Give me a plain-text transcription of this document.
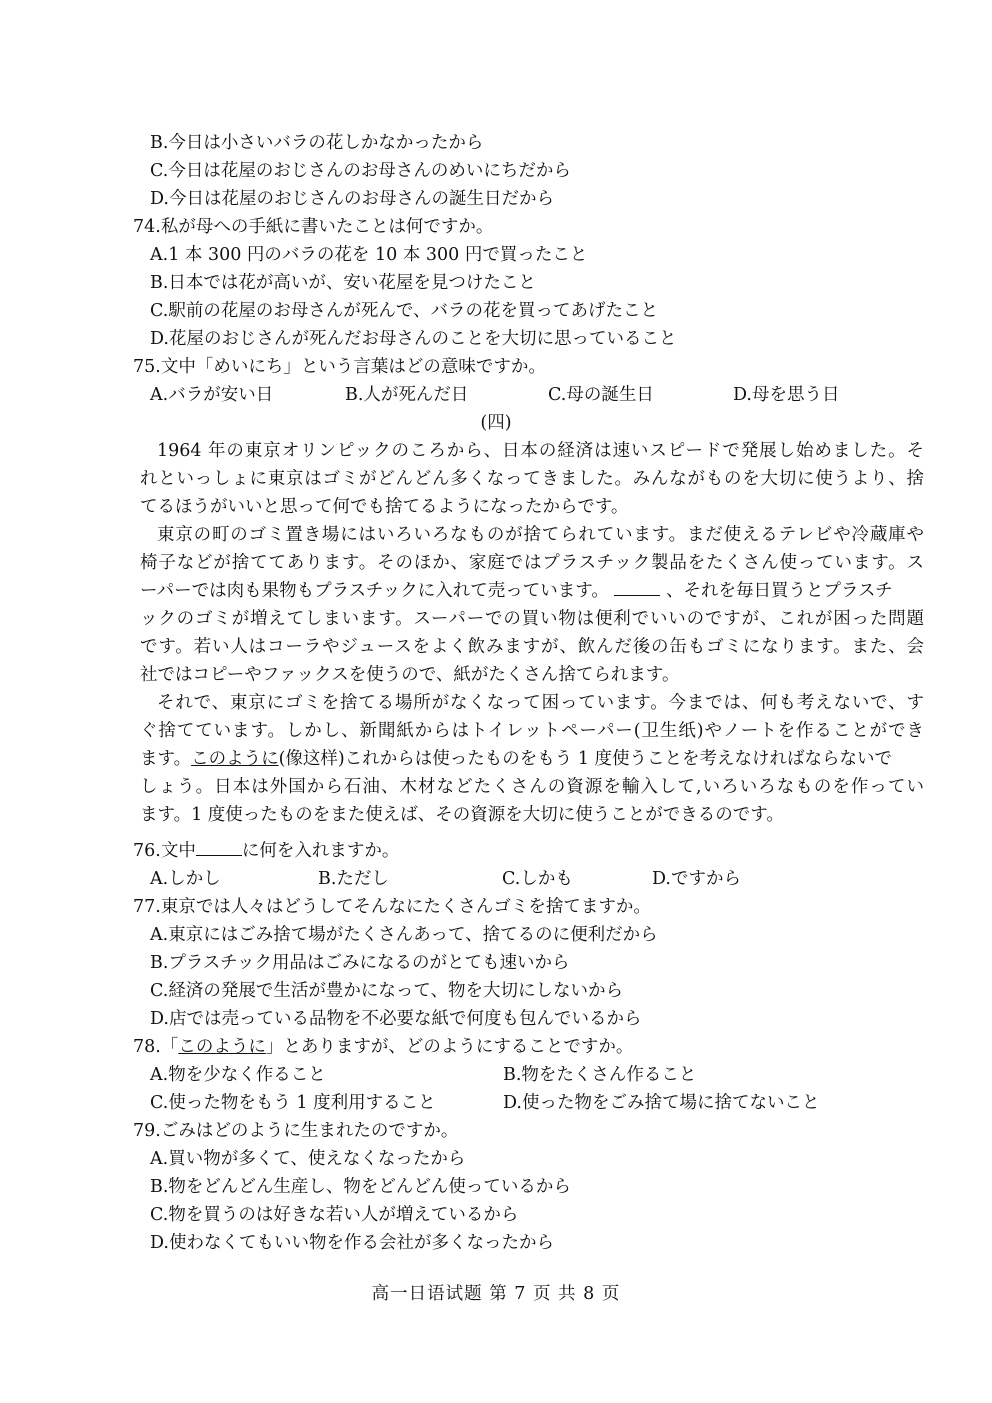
B.今日は小さいバラの花しかなかったから
C.今日は花屋のおじさんのお母さんのめいにちだから
D.今日は花屋のおじさんのお母さんの誕生日だから
74.私が母への手紙に書いたことは何ですか。
A.1 本 300 円のバラの花を 10 本 300 円で買ったこと
B.日本では花が高いが、安い花屋を見つけたこと
C.駅前の花屋のお母さんが死んで、バラの花を買ってあげたこと
D.花屋のおじさんが死んだお母さんのことを大切に思っていること
75.文中「めいにち」という言葉はどの意味ですか。
A.バラが安い日	B.人が死んだ日	C.母の誕生日	D.母を思う日
(四)
1964 年の東京オリンピックのころから、日本の経済は速いスピードで発展し始めました。そ
れといっしょに東京はゴミがどんどん多くなってきました。みんながものを大切に使うより、捨
てるほうがいいと思って何でも捨てるようになったからです。
東京の町のゴミ置き場にはいろいろなものが捨てられています。まだ使えるテレビや冷蔵庫や
椅子などが捨ててあります。そのほか、家庭ではプラスチック製品をたくさん使っています。ス
ーパーでは肉も果物もプラスチックに入れて売っています。	、それを毎日買うとプラスチ
ックのゴミが増えてしまいます。スーパーでの買い物は便利でいいのですが、これが困った問題
です。若い人はコーラやジュースをよく飲みますが、飲んだ後の缶もゴミになります。また、会
社ではコピーやファックスを使うので、紙がたくさん捨てられます。
それで、東京にゴミを捨てる場所がなくなって困っています。今までは、何も考えないで、す
ぐ捨てています。しかし、新聞紙からはトイレットペーパー(卫生纸)やノートを作ることができ
ます。このように(像这样)これからは使ったものをもう 1 度使うことを考えなければならないで
しょう。日本は外国から石油、木材などたくさんの資源を輸入して,いろいろなものを作ってい
ます。1 度使ったものをまた使えば、その資源を大切に使うことができるのです。
76.文中	に何を入れますか。
A.しかし	B.ただし	C.しかも	D.ですから
77.東京では人々はどうしてそんなにたくさんゴミを捨てますか。
A.東京にはごみ捨て場がたくさんあって、捨てるのに便利だから
B.プラスチック用品はごみになるのがとても速いから
C.経済の発展で生活が豊かになって、物を大切にしないから
D.店では売っている品物を不必要な紙で何度も包んでいるから
78.「このように」とありますが、どのようにすることですか。
A.物を少なく作ること	B.物をたくさん作ること
C.使った物をもう 1 度利用すること	D.使った物をごみ捨て場に捨てないこと
79.ごみはどのように生まれたのですか。
A.買い物が多くて、使えなくなったから
B.物をどんどん生産し、物をどんどん使っているから
C.物を買うのは好きな若い人が増えているから
D.使わなくてもいい物を作る会社が多くなったから
高一日语试题 第 7 页 共 8 页
